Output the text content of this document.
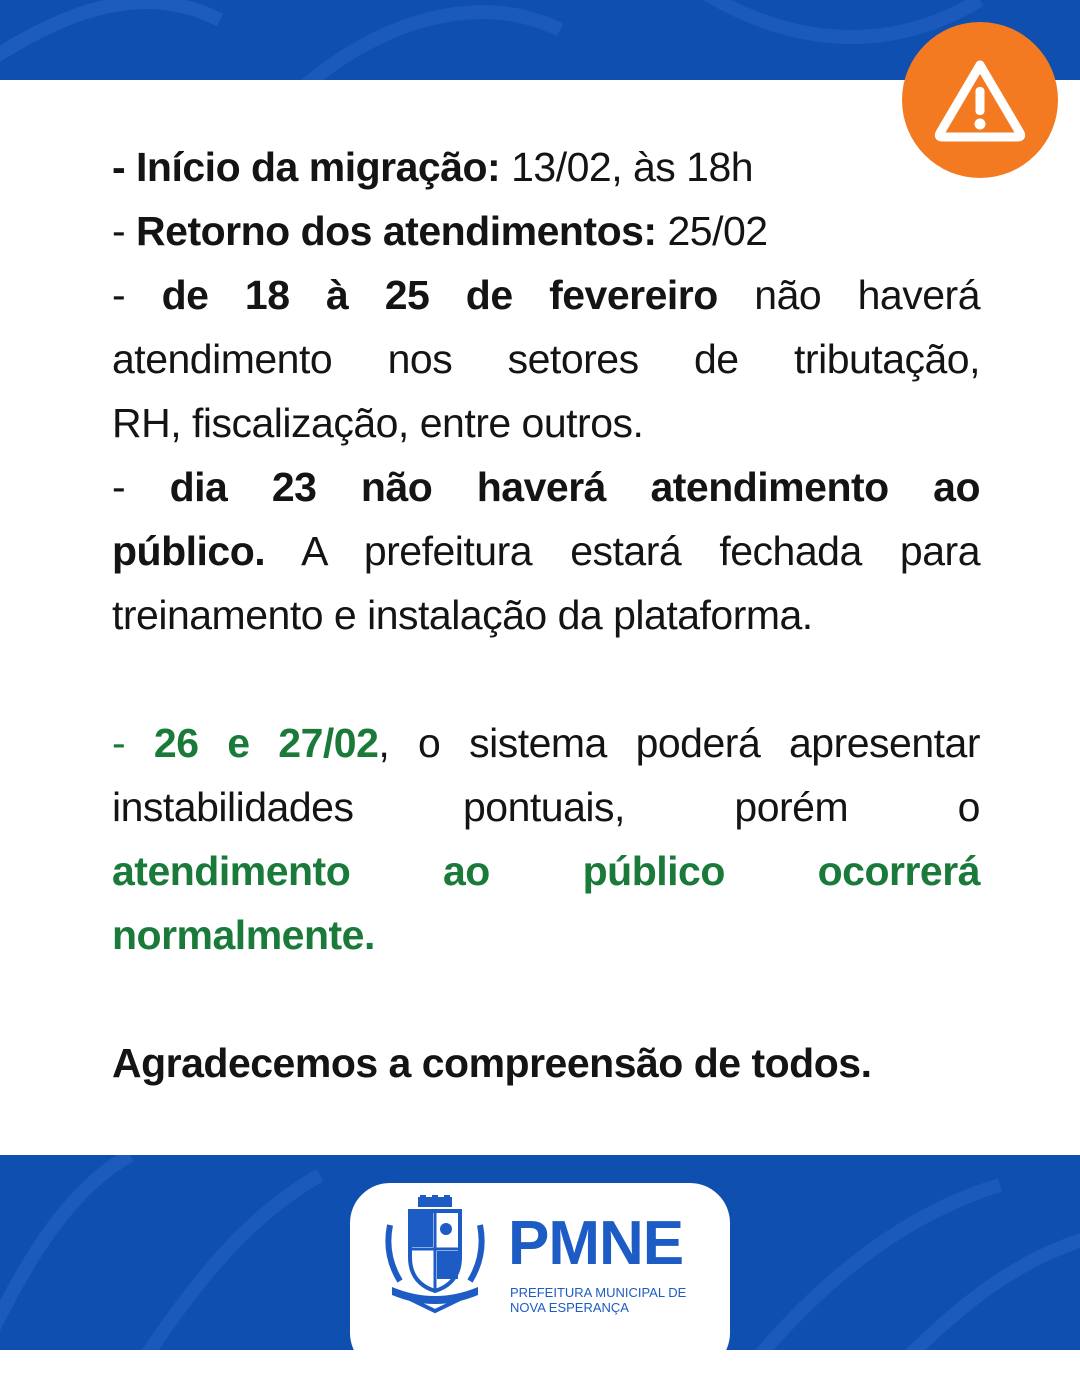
- Início da migração: 13/02, às 18h
- Retorno dos atendimentos: 25/02
- de 18 à 25 de fevereiro não haverá
atendimento nos setores de tributação,
RH, fiscalização, entre outros.
- dia 23 não haverá atendimento ao
público. A prefeitura estará fechada para
treinamento e instalação da plataforma.
- 26 e 27/02, o sistema poderá apresentar
instabilidades pontuais, porém o
atendimento ao público ocorrerá
normalmente.
Agradecemos a compreensão de todos.
PMNE
PREFEITURA MUNICIPAL DE
NOVA ESPERANÇA
